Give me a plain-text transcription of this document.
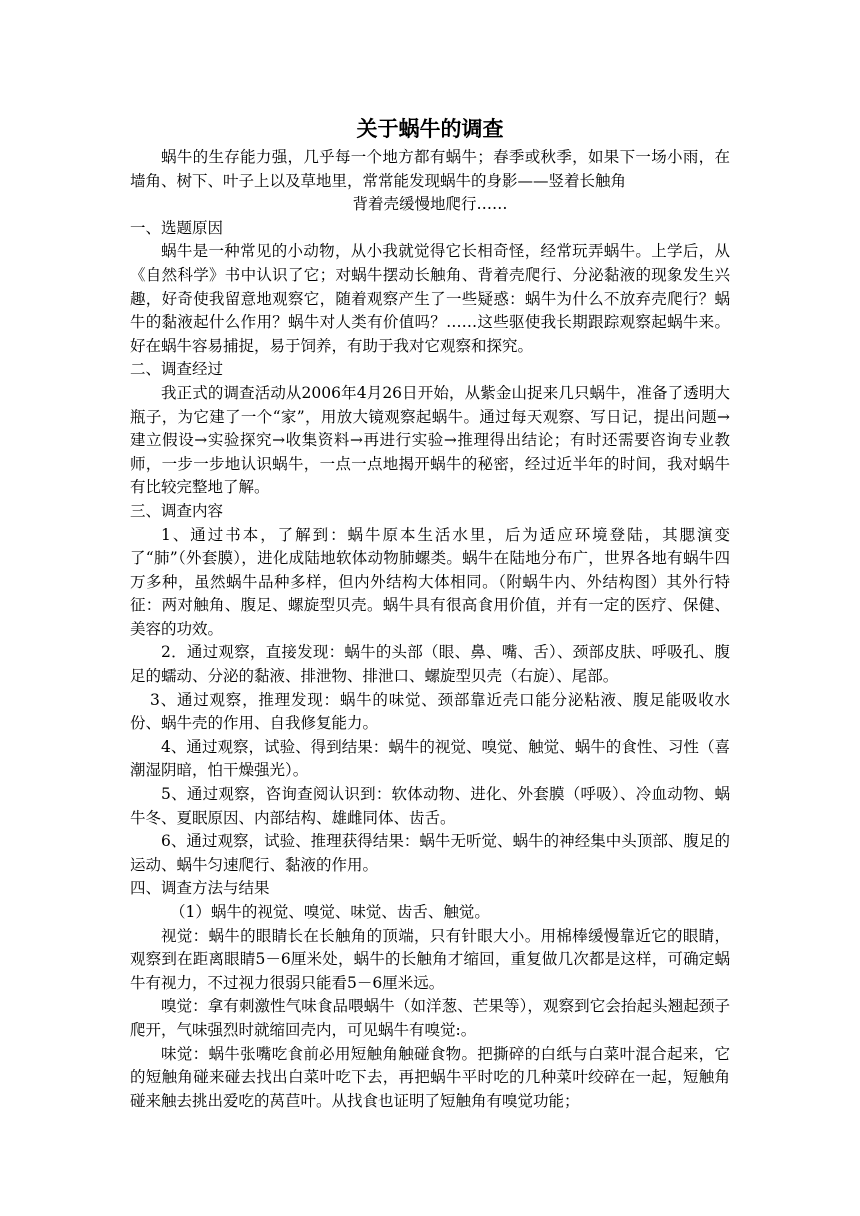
关于蜗牛的调查

蜗牛的生存能力强，几乎每一个地方都有蜗牛；春季或秋季，如果下一场小雨，在墙角、树下、叶子上以及草地里，常常能发现蜗牛的身影——竖着长触角

背着壳缓慢地爬行……

一、选题原因

蜗牛是一种常见的小动物，从小我就觉得它长相奇怪，经常玩弄蜗牛。上学后，从《自然科学》书中认识了它；对蜗牛摆动长触角、背着壳爬行、分泌黏液的现象发生兴趣，好奇使我留意地观察它，随着观察产生了一些疑惑：蜗牛为什么不放弃壳爬行？蜗牛的黏液起什么作用？蜗牛对人类有价值吗？……这些驱使我长期跟踪观察起蜗牛来。好在蜗牛容易捕捉，易于饲养，有助于我对它观察和探究。

二、调查经过

我正式的调查活动从2006年4月26日开始，从紫金山捉来几只蜗牛，准备了透明大瓶子，为它建了一个“家”，用放大镜观察起蜗牛。通过每天观察、写日记，提出问题→建立假设→实验探究→收集资料→再进行实验→推理得出结论；有时还需要咨询专业教师，一步一步地认识蜗牛，一点一点地揭开蜗牛的秘密，经过近半年的时间，我对蜗牛有比较完整地了解。

三、调查内容

1、通过书本，了解到：蜗牛原本生活水里，后为适应环境登陆，其腮演变了“肺”（外套膜），进化成陆地软体动物肺螺类。蜗牛在陆地分布广，世界各地有蜗牛四万多种，虽然蜗牛品种多样，但内外结构大体相同。（附蜗牛内、外结构图）其外行特征：两对触角、腹足、螺旋型贝壳。蜗牛具有很高食用价值，并有一定的医疗、保健、美容的功效。

2．通过观察，直接发现：蜗牛的头部（眼、鼻、嘴、舌）、颈部皮肤、呼吸孔、腹足的蠕动、分泌的黏液、排泄物、排泄口、螺旋型贝壳（右旋）、尾部。

3、通过观察，推理发现：蜗牛的味觉、颈部靠近壳口能分泌粘液、腹足能吸收水份、蜗牛壳的作用、自我修复能力。

4、通过观察，试验、得到结果：蜗牛的视觉、嗅觉、触觉、蜗牛的食性、习性（喜潮湿阴暗，怕干燥强光）。

5、通过观察，咨询查阅认识到：软体动物、进化、外套膜（呼吸）、冷血动物、蜗牛冬、夏眠原因、内部结构、雄雌同体、齿舌。

6、通过观察，试验、推理获得结果：蜗牛无听觉、蜗牛的神经集中头顶部、腹足的运动、蜗牛匀速爬行、黏液的作用。

四、调查方法与结果

（1）蜗牛的视觉、嗅觉、味觉、齿舌、触觉。

视觉：蜗牛的眼睛长在长触角的顶端，只有针眼大小。用棉棒缓慢靠近它的眼睛，观察到在距离眼睛5－6厘米处，蜗牛的长触角才缩回，重复做几次都是这样，可确定蜗牛有视力，不过视力很弱只能看5－6厘米远。

嗅觉：拿有刺激性气味食品喂蜗牛（如洋葱、芒果等），观察到它会抬起头翘起颈子爬开，气味强烈时就缩回壳内，可见蜗牛有嗅觉:。

味觉：蜗牛张嘴吃食前必用短触角触碰食物。把撕碎的白纸与白菜叶混合起来，它的短触角碰来碰去找出白菜叶吃下去，再把蜗牛平时吃的几种菜叶绞碎在一起，短触角碰来触去挑出爱吃的莴苣叶。从找食也证明了短触角有嗅觉功能；
